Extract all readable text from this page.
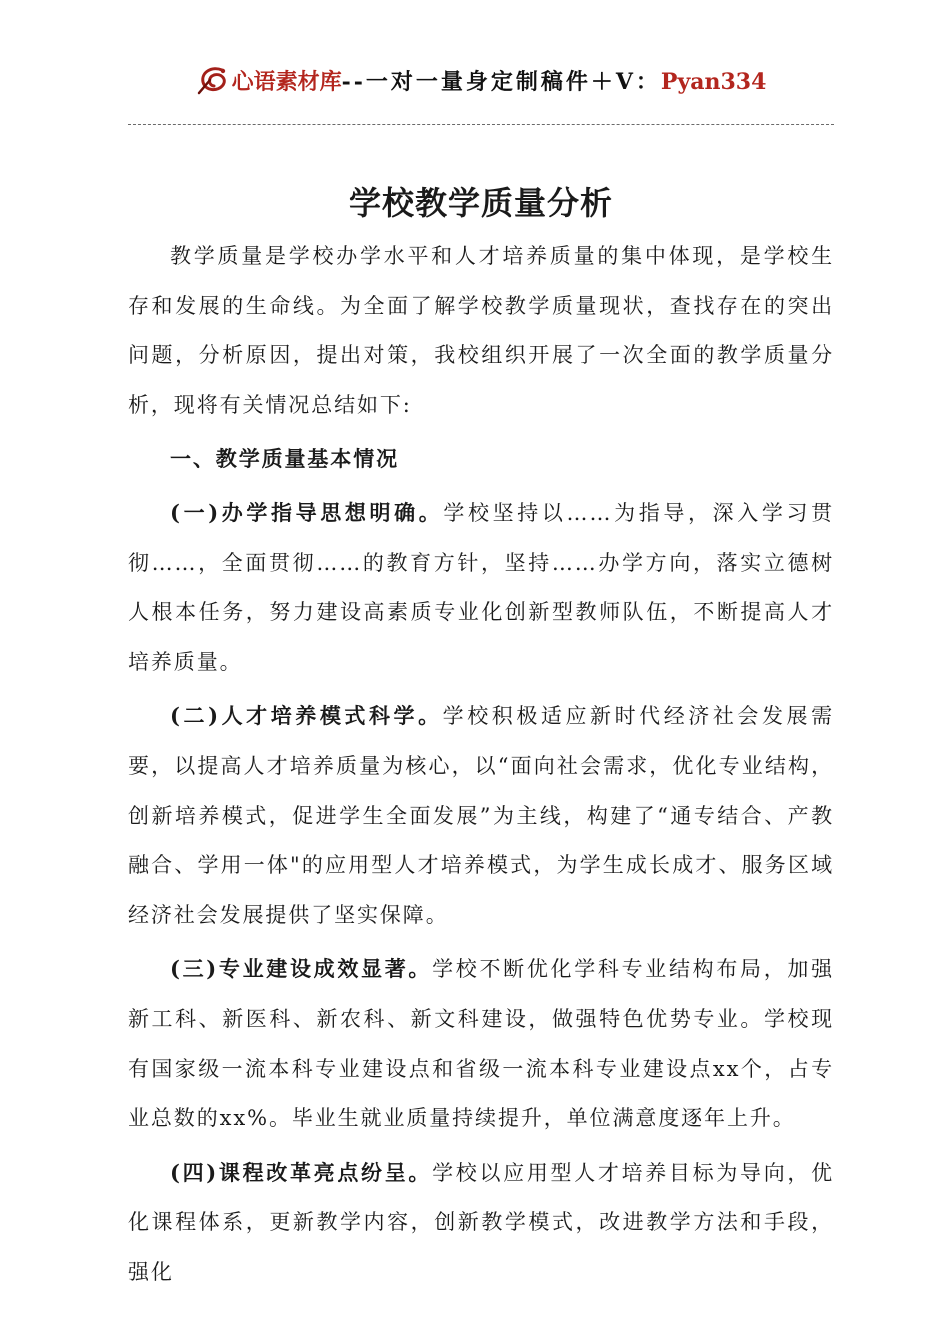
心语素材库--一对一量身定制稿件＋V：Pyan334
学校教学质量分析

教学质量是学校办学水平和人才培养质量的集中体现，是学校生存和发展的生命线。为全面了解学校教学质量现状，查找存在的突出问题，分析原因，提出对策，我校组织开展了一次全面的教学质量分析，现将有关情况总结如下:

一、教学质量基本情况

(一)办学指导思想明确。学校坚持以……为指导，深入学习贯彻……，全面贯彻……的教育方针，坚持……办学方向，落实立德树人根本任务，努力建设高素质专业化创新型教师队伍，不断提高人才培养质量。

(二)人才培养模式科学。学校积极适应新时代经济社会发展需要，以提高人才培养质量为核心，以“面向社会需求，优化专业结构，创新培养模式，促进学生全面发展”为主线，构建了“通专结合、产教融合、学用一体"的应用型人才培养模式，为学生成长成才、服务区域经济社会发展提供了坚实保障。

(三)专业建设成效显著。学校不断优化学科专业结构布局，加强新工科、新医科、新农科、新文科建设，做强特色优势专业。学校现有国家级一流本科专业建设点和省级一流本科专业建设点xx个，占专业总数的xx%。毕业生就业质量持续提升，单位满意度逐年上升。

(四)课程改革亮点纷呈。学校以应用型人才培养目标为导向，优化课程体系，更新教学内容，创新教学模式，改进教学方法和手段，强化
